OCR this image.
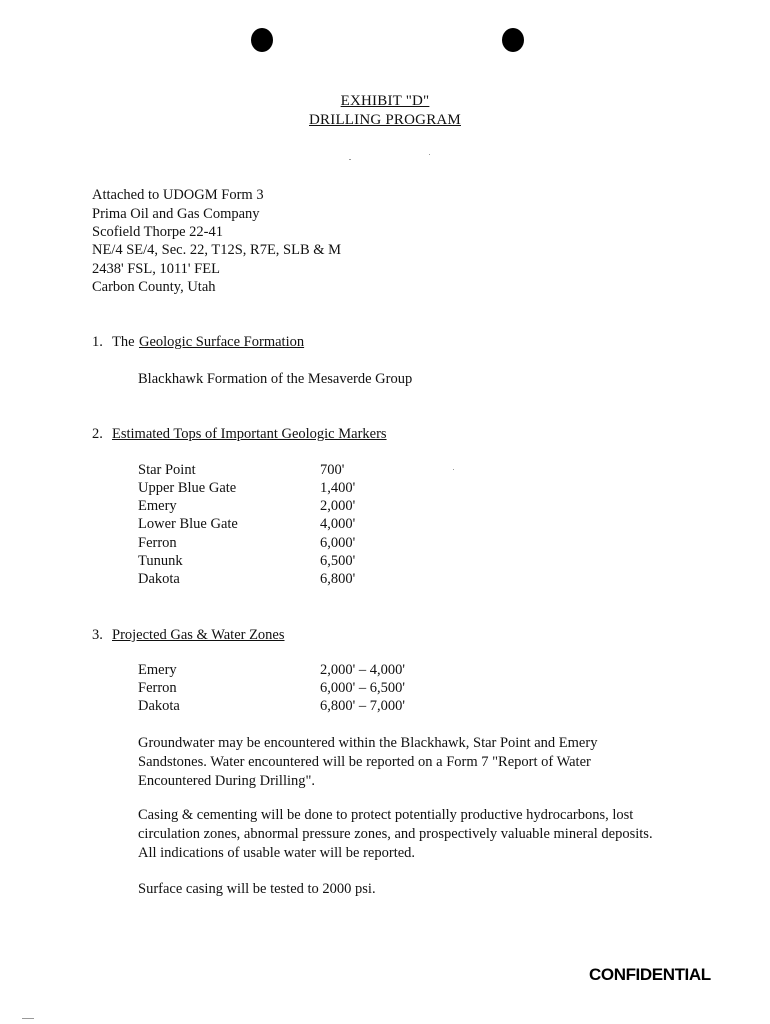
EXHIBIT "D"
DRILLING PROGRAM
Attached to UDOGM Form 3
Prima Oil and Gas Company
Scofield Thorpe 22-41
NE/4 SE/4, Sec. 22, T12S, R7E, SLB & M
2438' FSL, 1011' FEL
Carbon County, Utah
1. The Geologic Surface Formation
Blackhawk Formation of the Mesaverde Group
2. Estimated Tops of Important Geologic Markers
Star Point	700'
Upper Blue Gate	1,400'
Emery	2,000'
Lower Blue Gate	4,000'
Ferron	6,000'
Tununk	6,500'
Dakota	6,800'
3. Projected Gas & Water Zones
Emery	2,000' – 4,000'
Ferron	6,000' – 6,500'
Dakota	6,800' – 7,000'
Groundwater may be encountered within the Blackhawk, Star Point and Emery
Sandstones. Water encountered will be reported on a Form 7 "Report of Water
Encountered During Drilling".
Casing & cementing will be done to protect potentially productive hydrocarbons, lost
circulation zones, abnormal pressure zones, and prospectively valuable mineral deposits.
All indications of usable water will be reported.
Surface casing will be tested to 2000 psi.
CONFIDENTIAL
